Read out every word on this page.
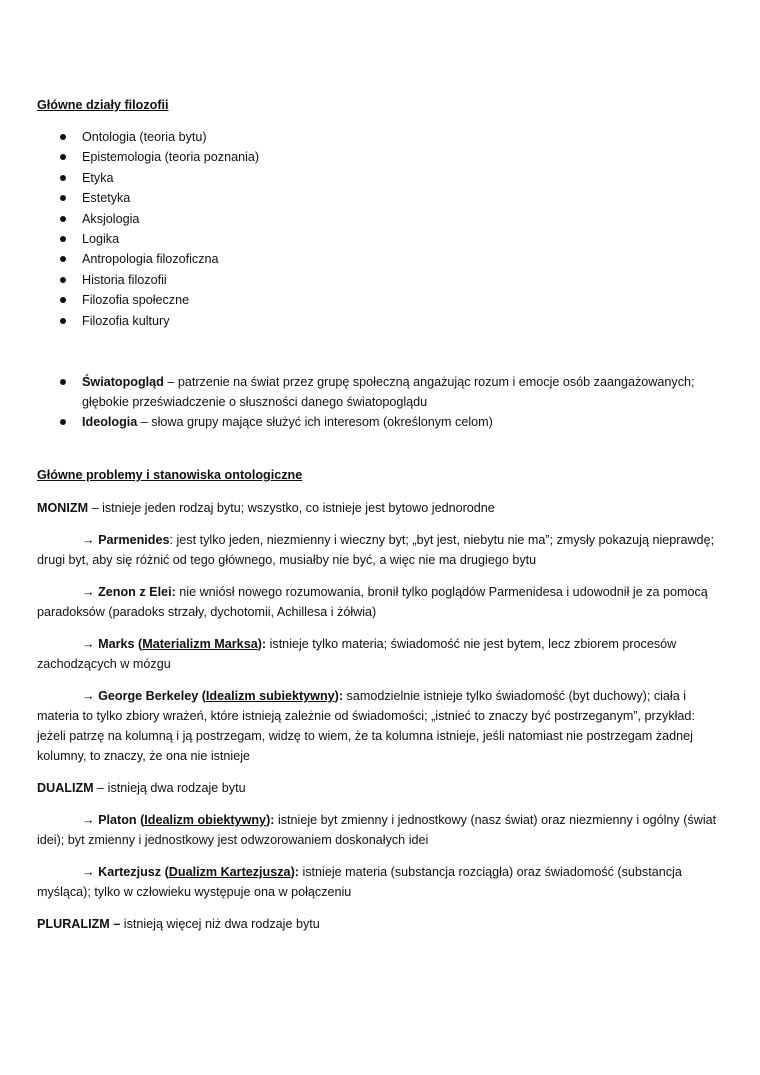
Główne działy filozofii
Ontologia (teoria bytu)
Epistemologia (teoria poznania)
Etyka
Estetyka
Aksjologia
Logika
Antropologia filozoficzna
Historia filozofii
Filozofia społeczne
Filozofia kultury
Światopogląd – patrzenie na świat przez grupę społeczną angażując rozum i emocje osób zaangażowanych; głębokie przeświadczenie o słuszności danego światopoglądu
Ideologia – słowa grupy mające służyć ich interesom (określonym celom)
Główne problemy i stanowiska ontologiczne
MONIZM – istnieje jeden rodzaj bytu; wszystko, co istnieje jest bytowo jednorodne
→ Parmenides: jest tylko jeden, niezmienny i wieczny byt; „byt jest, niebytu nie ma”; zmysły pokazują nieprawdę; drugi byt, aby się różnić od tego głównego, musiałby nie być, a więc nie ma drugiego bytu
→ Zenon z Elei: nie wniósł nowego rozumowania, bronił tylko poglądów Parmenidesa i udowodnił je za pomocą paradoksów (paradoks strzały, dychotomii, Achillesa i żółwia)
→ Marks (Materializm Marksa): istnieje tylko materia; świadomość nie jest bytem, lecz zbiorem procesów zachodzących w mózgu
→ George Berkeley (Idealizm subiektywny): samodzielnie istnieje tylko świadomość (byt duchowy); ciała i materia to tylko zbiory wrażeń, które istnieją zależnie od świadomości; „istnieć to znaczy być postrzeganym”, przykład: jeżeli patrzę na kolumną i ją postrzegam, widzę to wiem, że ta kolumna istnieje, jeśli natomiast nie postrzegam żadnej kolumny, to znaczy, że ona nie istnieje
DUALIZM – istnieją dwa rodzaje bytu
→ Platon (Idealizm obiektywny): istnieje byt zmienny i jednostkowy (nasz świat) oraz niezmienny i ogólny (świat idei); byt zmienny i jednostkowy jest odwzorowaniem doskonałych idei
→ Kartezjusz (Dualizm Kartezjusza): istnieje materia (substancja rozciągła) oraz świadomość (substancja myśląca); tylko w człowieku występuje ona w połączeniu
PLURALIZM – istnieją więcej niż dwa rodzaje bytu
